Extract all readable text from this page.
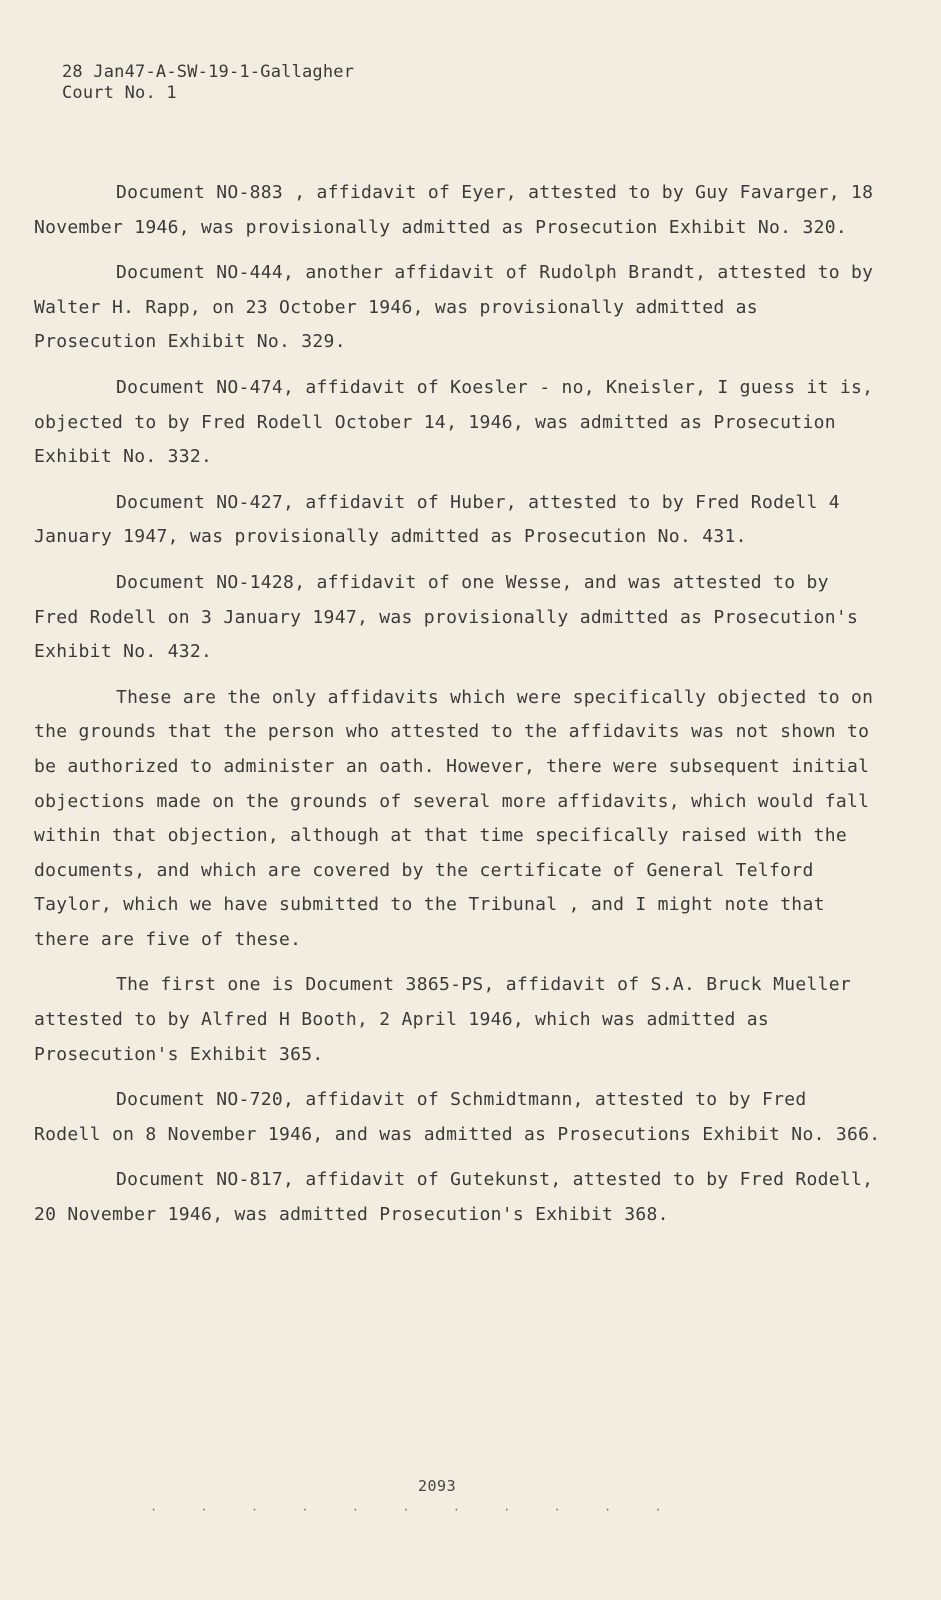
28 Jan47-A-SW-19-1-Gallagher
Court No. 1

Document NO-883 , affidavit of Eyer, attested to by Guy Favarger, 18 November 1946, was provisionally admitted as Prosecution Exhibit No. 320.

Document NO-444, another affidavit of Rudolph Brandt, attested to by Walter H. Rapp, on 23 October 1946, was provisionally admitted as Prosecution Exhibit No. 329.

Document NO-474, affidavit of Koesler - no, Kneisler, I guess it is, objected to by Fred Rodell October 14, 1946, was admitted as Prosecution Exhibit No. 332.

Document NO-427, affidavit of Huber, attested to by Fred Rodell 4 January 1947, was provisionally admitted as Prosecution No. 431.

Document NO-1428, affidavit of one Wesse, and was attested to by Fred Rodell on 3 January 1947, was provisionally admitted as Prosecution's Exhibit No. 432.

These are the only affidavits which were specifically objected to on the grounds that the person who attested to the affidavits was not shown to be authorized to administer an oath. However, there were subsequent initial objections made on the grounds of several more affidavits, which would fall within that objection, although at that time specifically raised with the documents, and which are covered by the certificate of General Telford Taylor, which we have submitted to the Tribunal , and I might note that there are five of these.

The first one is Document 3865-PS, affidavit of S.A. Bruck Mueller attested to by Alfred H Booth, 2 April 1946, which was admitted as Prosecution's Exhibit 365.

Document NO-720, affidavit of Schmidtmann, attested to by Fred Rodell on 8 November 1946, and was admitted as Prosecutions Exhibit No. 366.

Document NO-817, affidavit of Gutekunst, attested to by Fred Rodell, 20 November 1946, was admitted Prosecution's Exhibit 368.

2093
· · · · · · · · · · ·
